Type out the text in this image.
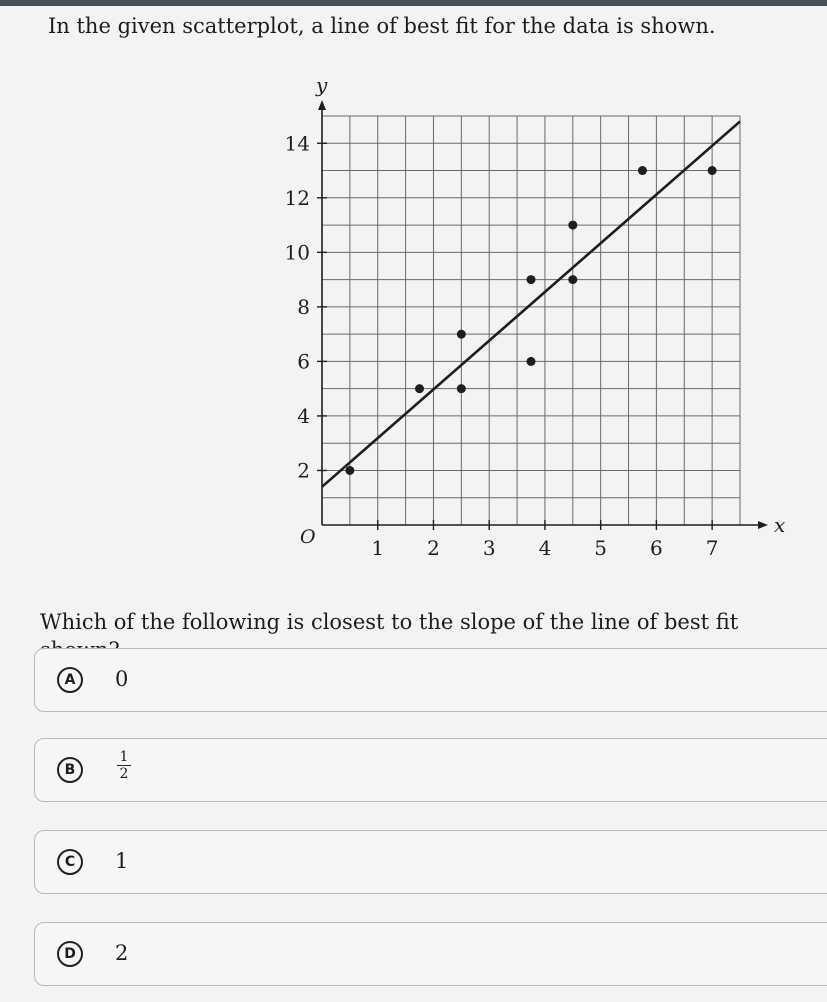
In the given scatterplot, a line of best fit for the data is shown.
x
y
O	1 2 3 4 5 6 7
2
4
6
8
10
12
14
Which of the following is closest to the slope of the line of best fit
A	0
B	$\frac{1}{2}$
C	1
D	2
